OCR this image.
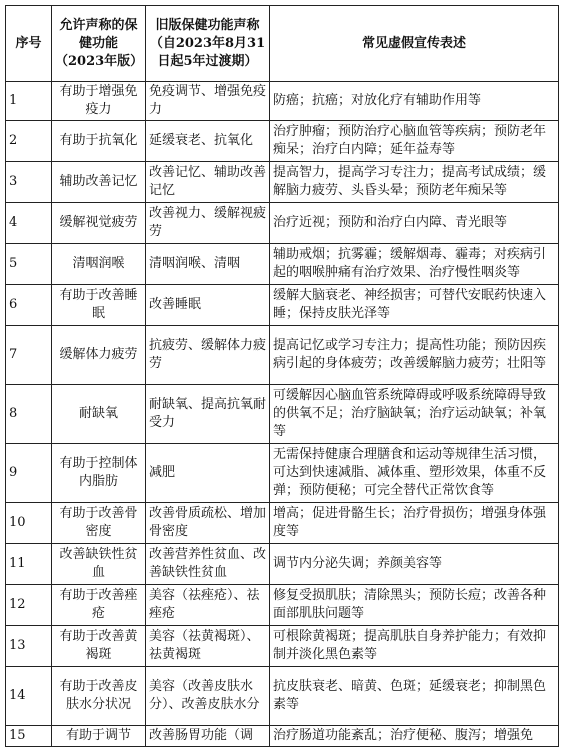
序号	允许声称的保健功能（2023年版）	旧版保健功能声称（自2023年8月31日起5年过渡期）	常见虚假宣传表述
1	有助于增强免疫力	免疫调节、增强免疫力	防癌；抗癌；对放化疗有辅助作用等
2	有助于抗氧化	延缓衰老、抗氧化	治疗肿瘤；预防治疗心脑血管等疾病；预防老年痴呆；治疗白内障；延年益寿等
3	辅助改善记忆	改善记忆、辅助改善记忆	提高智力，提高学习专注力；提高考试成绩；缓解脑力疲劳、头昏头晕；预防老年痴呆等
4	缓解视觉疲劳	改善视力、缓解视疲劳	治疗近视；预防和治疗白内障、青光眼等
5	清咽润喉	清咽润喉、清咽	辅助戒烟；抗雾霾；缓解烟毒、霾毒；对疾病引起的咽喉肿痛有治疗效果、治疗慢性咽炎等
6	有助于改善睡眠	改善睡眠	缓解大脑衰老、神经损害；可替代安眠药快速入睡；保持皮肤光泽等
7	缓解体力疲劳	抗疲劳、缓解体力疲劳	提高记忆或学习专注力；提高性功能；预防因疾病引起的身体疲劳；改善缓解脑力疲劳；壮阳等
8	耐缺氧	耐缺氧、提高抗氧耐受力	可缓解因心脑血管系统障碍或呼吸系统障碍导致的供氧不足；治疗脑缺氧；治疗运动缺氧；补氧等
9	有助于控制体内脂肪	减肥	无需保持健康合理膳食和运动等规律生活习惯，可达到快速减脂、减体重、塑形效果，体重不反弹；预防便秘；可完全替代正常饮食等
10	有助于改善骨密度	改善骨质疏松、增加骨密度	增高；促进骨骼生长；治疗骨损伤；增强身体强度等
11	改善缺铁性贫血	改善营养性贫血、改善缺铁性贫血	调节内分泌失调；养颜美容等
12	有助于改善痤疮	美容（祛痤疮）、祛痤疮	修复受损肌肤；清除黑头；预防长痘；改善各种面部肌肤问题等
13	有助于改善黄褐斑	美容（祛黄褐斑）、祛黄褐斑	可根除黄褐斑；提高肌肤自身养护能力；有效抑制并淡化黑色素等
14	有助于改善皮肤水分状况	美容（改善皮肤水分）、改善皮肤水分	抗皮肤衰老、暗黄、色斑；延缓衰老；抑制黑色素等
15	有助于调节	改善肠胃功能（调	治疗肠道功能紊乱；治疗便秘、腹泻；增强免
